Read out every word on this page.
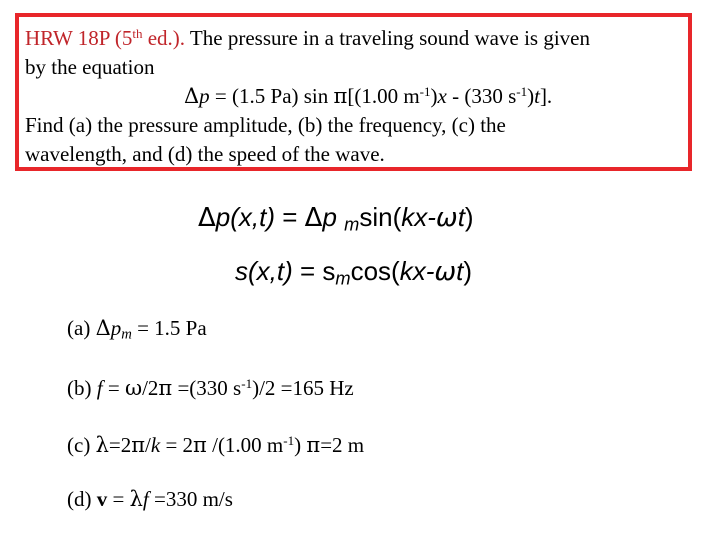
HRW 18P (5th ed.). The pressure in a traveling sound wave is given
by the equation
Δp = (1.5 Pa) sin π[(1.00 $m^{-1})x - (330$ $s^{-1})t$].
Find (a) the pressure amplitude, (b) the frequency, (c) the
wavelength, and (d) the speed of the wave.
Δp(x,t) = Δp $_m$sin(kx-ωt)
$s(x,t) = s_m\cos(kx-\omega t)$
(a) $\Delta p_m = 1.5$ Pa
(b) f = ω/2π =(330 $s^{-1})/2 =165$ Hz
(c) λ=2π/k = 2π /(1.00 $m^{-1}$) π=2 m
(d) v = λf =330 m/s
